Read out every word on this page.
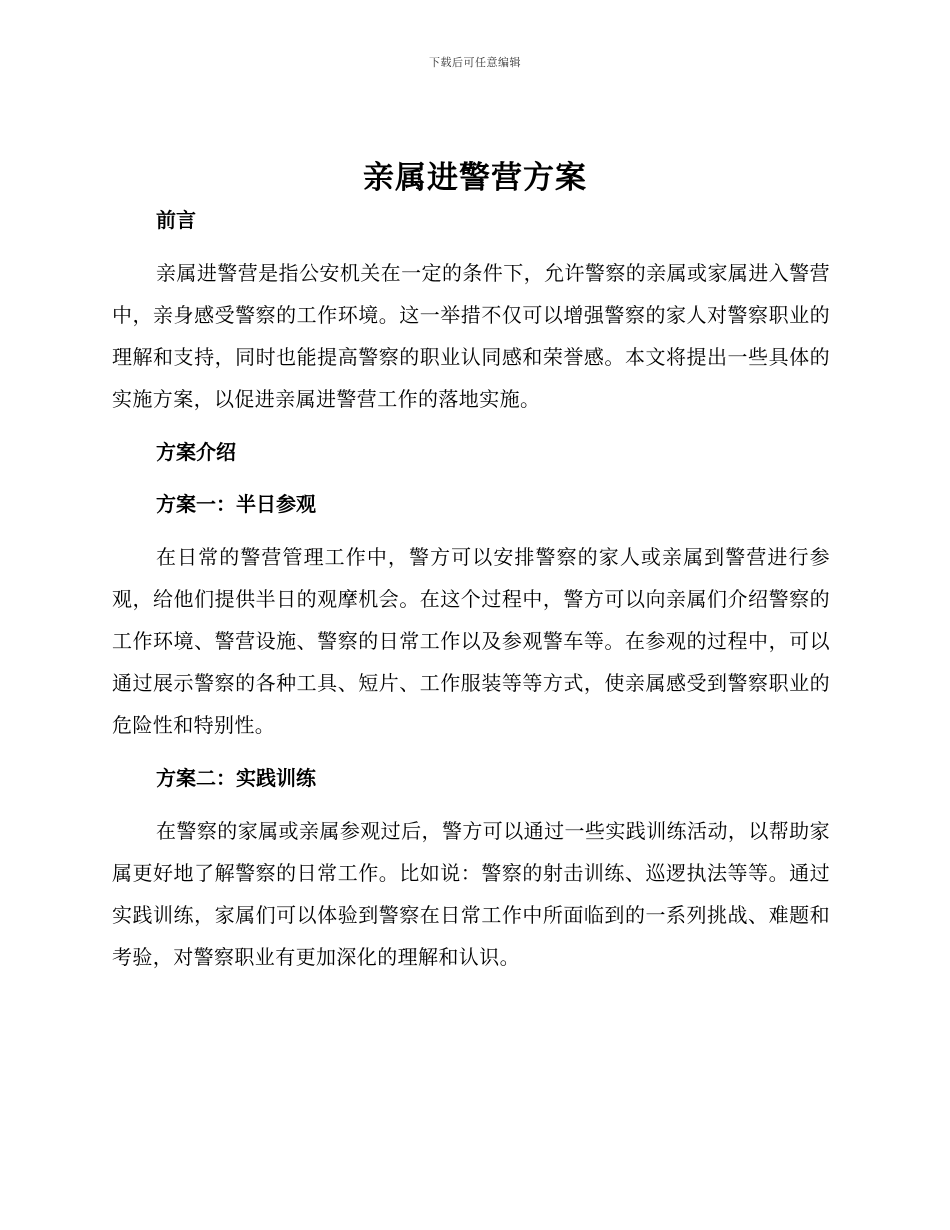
下载后可任意编辑
亲属进警营方案

前言

亲属进警营是指公安机关在一定的条件下，允许警察的亲属或家属进入警营中，亲身感受警察的工作环境。这一举措不仅可以增强警察的家人对警察职业的理解和支持，同时也能提高警察的职业认同感和荣誉感。本文将提出一些具体的实施方案，以促进亲属进警营工作的落地实施。

方案介绍

方案一：半日参观

在日常的警营管理工作中，警方可以安排警察的家人或亲属到警营进行参观，给他们提供半日的观摩机会。在这个过程中，警方可以向亲属们介绍警察的工作环境、警营设施、警察的日常工作以及参观警车等。在参观的过程中，可以通过展示警察的各种工具、短片、工作服装等等方式，使亲属感受到警察职业的危险性和特别性。

方案二：实践训练

在警察的家属或亲属参观过后，警方可以通过一些实践训练活动，以帮助家属更好地了解警察的日常工作。比如说：警察的射击训练、巡逻执法等等。通过实践训练，家属们可以体验到警察在日常工作中所面临到的一系列挑战、难题和考验，对警察职业有更加深化的理解和认识。
